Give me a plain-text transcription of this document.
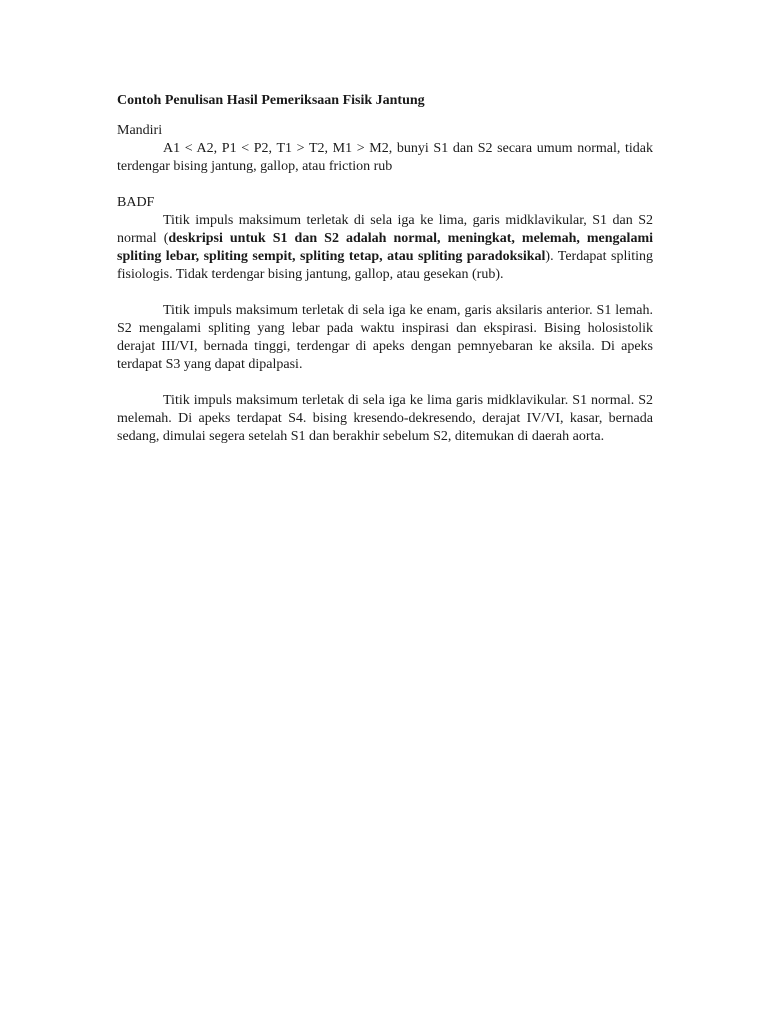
Contoh Penulisan Hasil Pemeriksaan Fisik Jantung
Mandiri

A1 < A2, P1 < P2, T1 > T2, M1 > M2, bunyi S1 dan S2 secara umum normal, tidak terdengar bising jantung, gallop, atau friction rub

BADF

Titik impuls maksimum terletak di sela iga ke lima, garis midklavikular, S1 dan S2 normal (deskripsi untuk S1 dan S2 adalah normal, meningkat, melemah, mengalami spliting lebar, spliting sempit, spliting tetap, atau spliting paradoksikal). Terdapat spliting fisiologis. Tidak terdengar bising jantung, gallop, atau gesekan (rub).

Titik impuls maksimum terletak di sela iga ke enam, garis aksilaris anterior. S1 lemah. S2 mengalami spliting yang lebar pada waktu inspirasi dan ekspirasi. Bising holosistolik derajat III/VI, bernada tinggi, terdengar di apeks dengan pemnyebaran ke aksila. Di apeks terdapat S3 yang dapat dipalpasi.

Titik impuls maksimum terletak di sela iga ke lima garis midklavikular. S1 normal. S2 melemah. Di apeks terdapat S4. bising kresendo-dekresendo, derajat IV/VI, kasar, bernada sedang, dimulai segera setelah S1 dan berakhir sebelum S2, ditemukan di daerah aorta.
